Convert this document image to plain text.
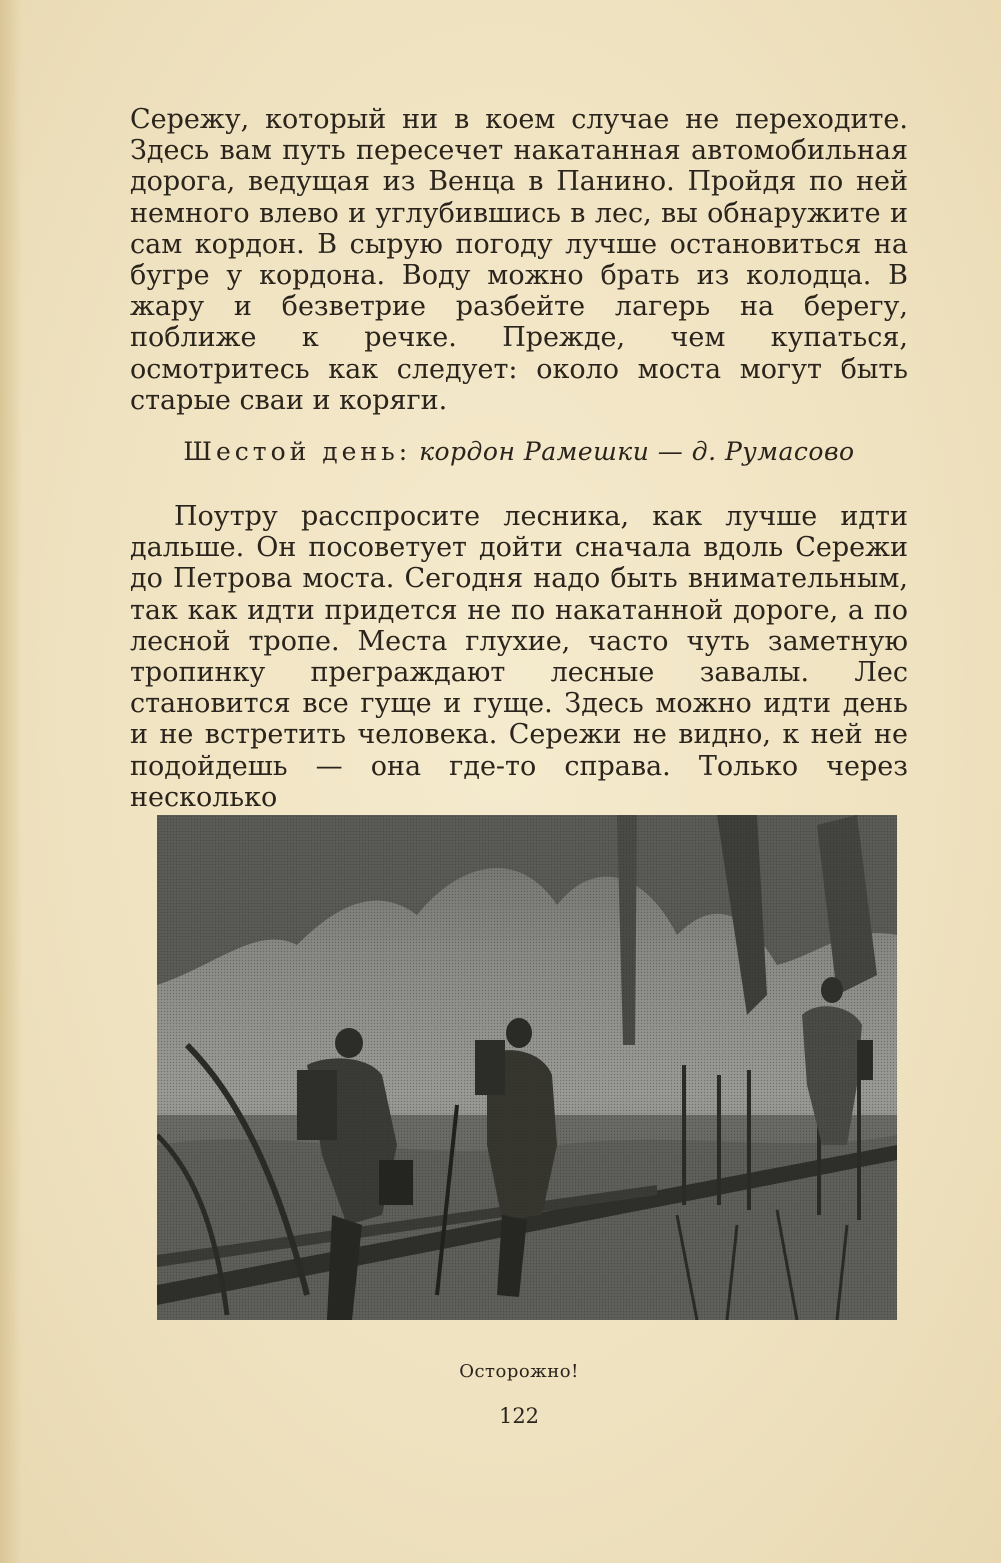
Сережу, который ни в коем случае не переходите. Здесь вам путь пересечет накатанная автомобильная дорога, ведущая из Венца в Панино. Пройдя по ней немного влево и углубившись в лес, вы обнаружите и сам кордон. В сырую погоду лучше остановиться на бугре у кордона. Воду можно брать из колодца. В жару и безветрие разбейте лагерь на берегу, поближе к речке. Прежде, чем купаться, осмотритесь как следует: около моста могут быть старые сваи и коряги.

Шестой день: кордон Рамешки — д. Румасово

Поутру расспросите лесника, как лучше идти дальше. Он посоветует дойти сначала вдоль Сережи до Петрова моста. Сегодня надо быть внимательным, так как идти придется не по накатанной дороге, а по лесной тропе. Места глухие, часто чуть заметную тропинку преграждают лесные завалы. Лес становится все гуще и гуще. Здесь можно идти день и не встретить человека. Сережи не видно, к ней не подойдешь — она где-то справа. Только через несколько

Осторожно!

122
